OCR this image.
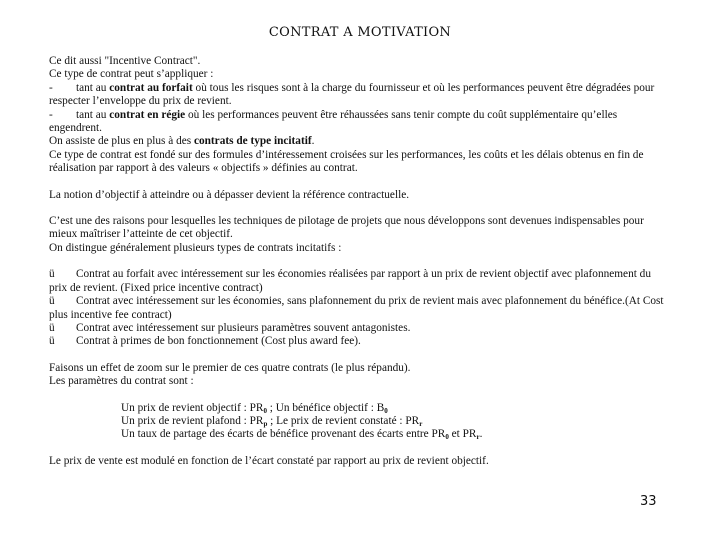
CONTRAT A MOTIVATION

Ce dit aussi "Incentive Contract".

Ce type de contrat peut s’appliquer :

- tant au contrat au forfait où tous les risques sont à la charge du fournisseur et où les performances peuvent être dégradées pour respecter l’enveloppe du prix de revient.

- tant au contrat en régie où les performances peuvent être réhaussées sans tenir compte du coût supplémentaire qu’elles engendrent.

On assiste de plus en plus à des contrats de type incitatif.

Ce type de contrat est fondé sur des formules d’intéressement croisées sur les performances, les coûts et les délais obtenus en fin de réalisation par rapport à des valeurs « objectifs » définies au contrat.

La notion d’objectif à atteindre ou à dépasser devient la référence contractuelle.

C’est une des raisons pour lesquelles les techniques de pilotage de projets que nous développons sont devenues indispensables pour mieux maîtriser l’atteinte de cet objectif.

On distingue généralement plusieurs types de contrats incitatifs :

ü Contrat au forfait avec intéressement sur les économies réalisées par rapport à un prix de revient objectif avec plafonnement du prix de revient. (Fixed price incentive contract)

ü Contrat avec intéressement sur les économies, sans plafonnement du prix de revient mais avec plafonnement du bénéfice.(At Cost plus incentive fee contract)

ü Contrat avec intéressement sur plusieurs paramètres souvent antagonistes.

ü Contrat à primes de bon fonctionnement (Cost plus award fee).

Faisons un effet de zoom sur le premier de ces quatre contrats (le plus répandu).

Les paramètres du contrat sont :

Un prix de revient objectif : $PR_0$ ; Un bénéfice objectif : $B_0$

Un prix de revient plafond : $PR_p$ ; Le prix de revient constaté : $PR_r$

Un taux de partage des écarts de bénéfice provenant des écarts entre $PR_0$ et $PR_r$.

Le prix de vente est modulé en fonction de l’écart constaté par rapport au prix de revient objectif.

33
